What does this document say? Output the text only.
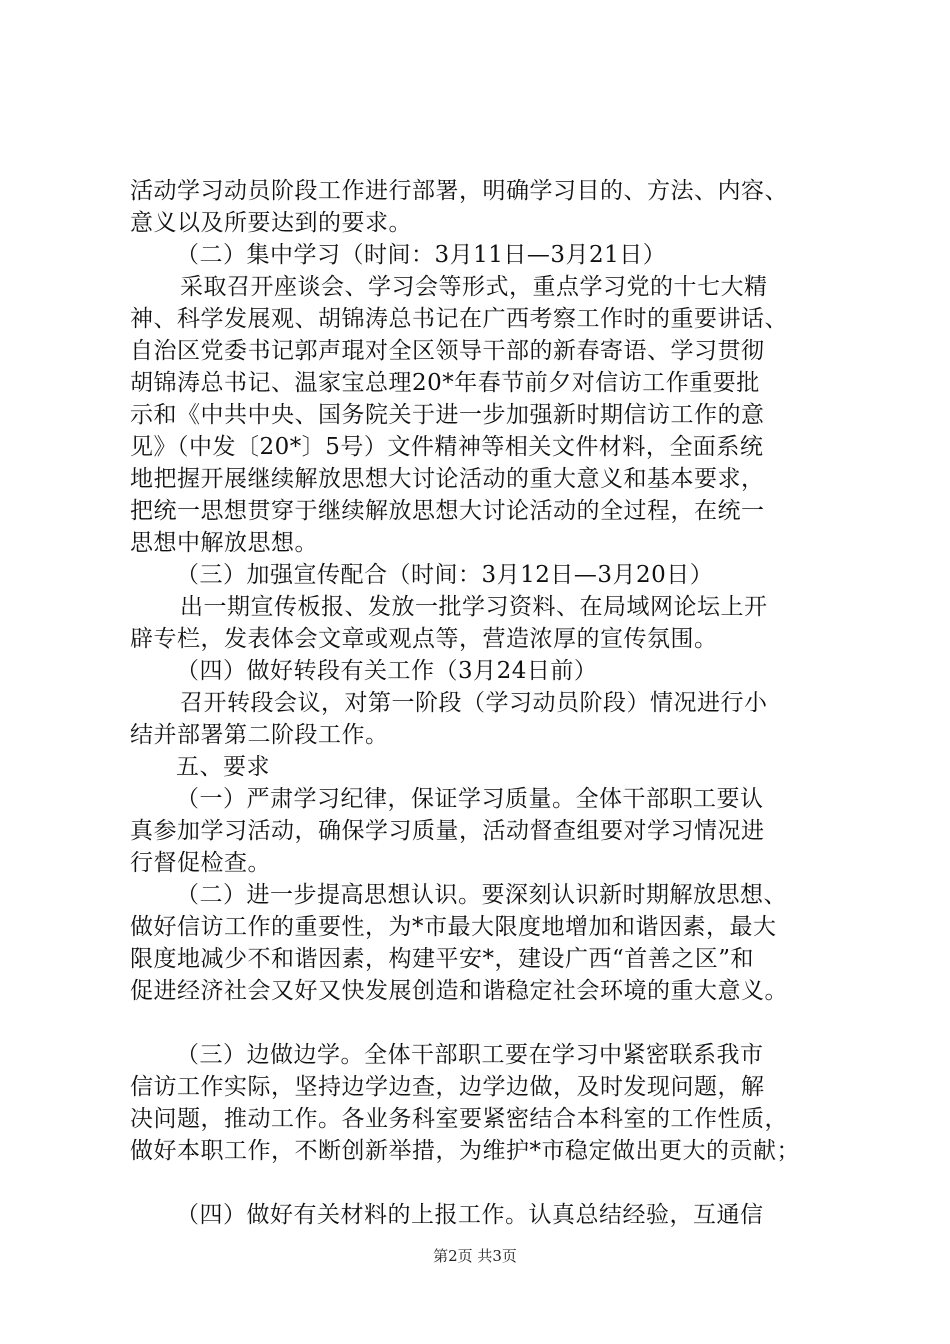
活动学习动员阶段工作进行部署，明确学习目的、方法、内容、
意义以及所要达到的要求。
（二）集中学习（时间：3月11日—3月21日）
采取召开座谈会、学习会等形式，重点学习党的十七大精
神、科学发展观、胡锦涛总书记在广西考察工作时的重要讲话、
自治区党委书记郭声琨对全区领导干部的新春寄语、学习贯彻
胡锦涛总书记、温家宝总理20*年春节前夕对信访工作重要批
示和《中共中央、国务院关于进一步加强新时期信访工作的意
见》（中发〔20*〕5号）文件精神等相关文件材料，全面系统
地把握开展继续解放思想大讨论活动的重大意义和基本要求，
把统一思想贯穿于继续解放思想大讨论活动的全过程，在统一
思想中解放思想。
（三）加强宣传配合（时间：3月12日—3月20日）
出一期宣传板报、发放一批学习资料、在局域网论坛上开
辟专栏，发表体会文章或观点等，营造浓厚的宣传氛围。
（四）做好转段有关工作（3月24日前）
召开转段会议，对第一阶段（学习动员阶段）情况进行小
结并部署第二阶段工作。
五、要求
（一）严肃学习纪律，保证学习质量。全体干部职工要认
真参加学习活动，确保学习质量，活动督查组要对学习情况进
行督促检查。
（二）进一步提高思想认识。要深刻认识新时期解放思想、
做好信访工作的重要性，为*市最大限度地增加和谐因素，最大
限度地减少不和谐因素，构建平安*，建设广西“首善之区”和
促进经济社会又好又快发展创造和谐稳定社会环境的重大意义。
（三）边做边学。全体干部职工要在学习中紧密联系我市
信访工作实际，坚持边学边查，边学边做，及时发现问题，解
决问题，推动工作。各业务科室要紧密结合本科室的工作性质，
做好本职工作，不断创新举措，为维护*市稳定做出更大的贡献；
（四）做好有关材料的上报工作。认真总结经验，互通信
第2页 共3页
